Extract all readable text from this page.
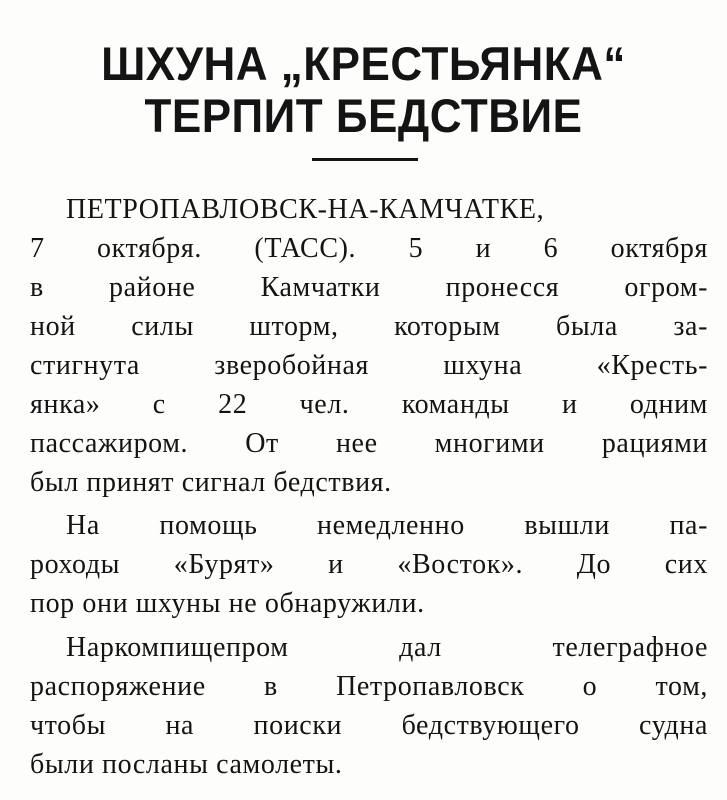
ШХУНА „КРЕСТЬЯНКА“
ТЕРПИТ БЕДСТВИЕ
ПЕТРОПАВЛОВСК-НА-КАМЧАТКЕ,
7 октября. (ТАСС). 5 и 6 октября
в районе Камчатки пронесся огром-
ной силы шторм, которым была за-
стигнута зверобойная шхуна «Кресть-
янка» с 22 чел. команды и одним
пассажиром. От нее многими рациями
был принят сигнал бедствия.
На помощь немедленно вышли па-
роходы «Бурят» и «Восток». До сих
пор они шхуны не обнаружили.
Наркомпищепром дал телеграфное
распоряжение в Петропавловск о том,
чтобы на поиски бедствующего судна
были посланы самолеты.
